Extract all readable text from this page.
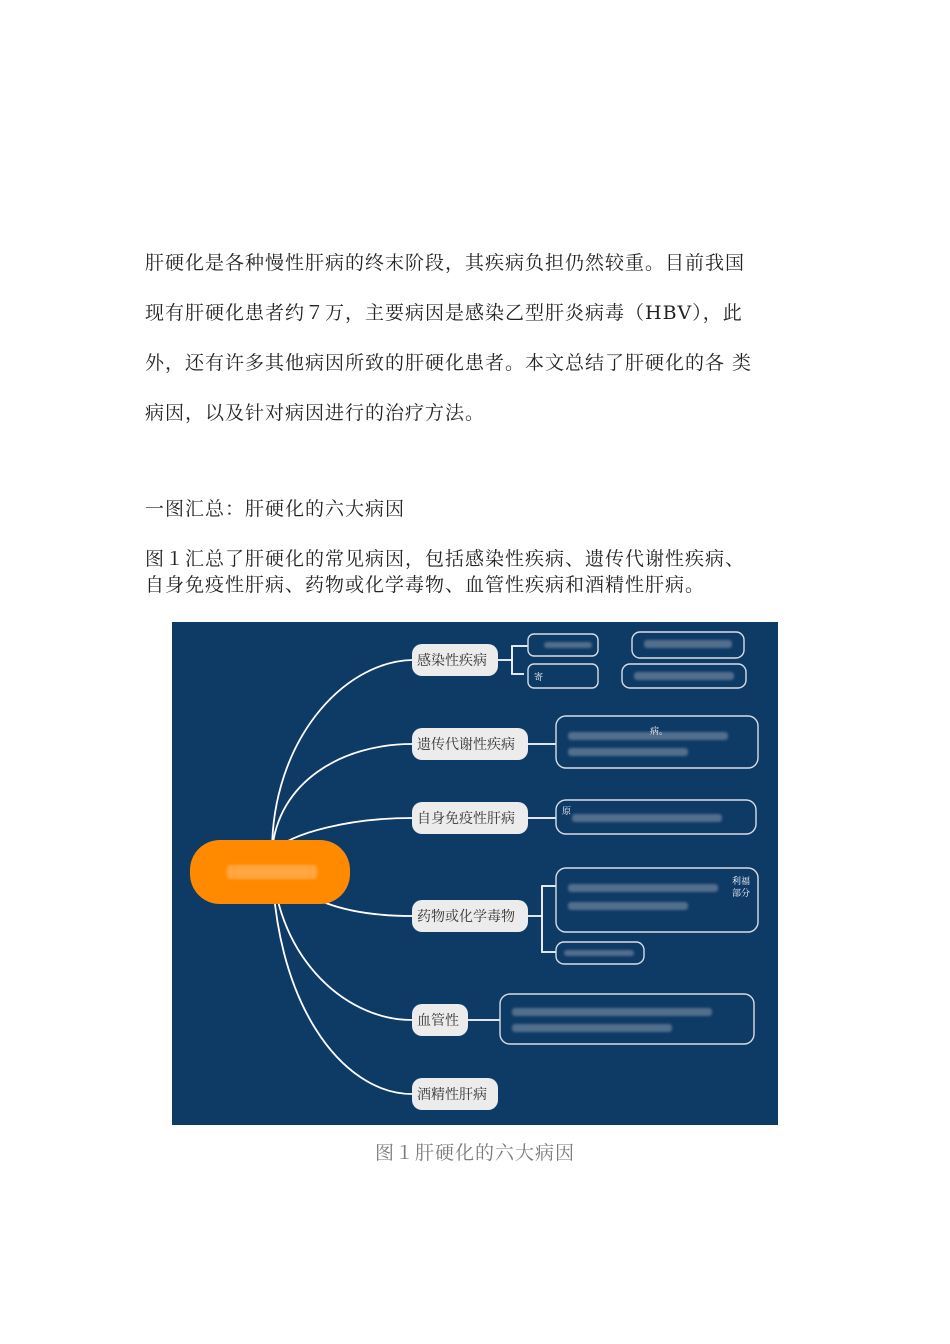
肝硬化是各种慢性肝病的终末阶段，其疾病负担仍然较重。目前我国

现有肝硬化患者约７万，主要病因是感染乙型肝炎病毒（HBV），此

外，还有许多其他病因所致的肝硬化患者。本文总结了肝硬化的各 类

病因，以及针对病因进行的治疗方法。

一图汇总：肝硬化的六大病因

图１汇总了肝硬化的常见病因，包括感染性疾病、遗传代谢性疾病、

自身免疫性肝病、药物或化学毒物、血管性疾病和酒精性肝病。

感染性疾病
遗传代谢性疾病
自身免疫性肝病
药物或化学毒物
血管性
酒精性肝病
寄
病。
原
利福
部分
图１肝硬化的六大病因
